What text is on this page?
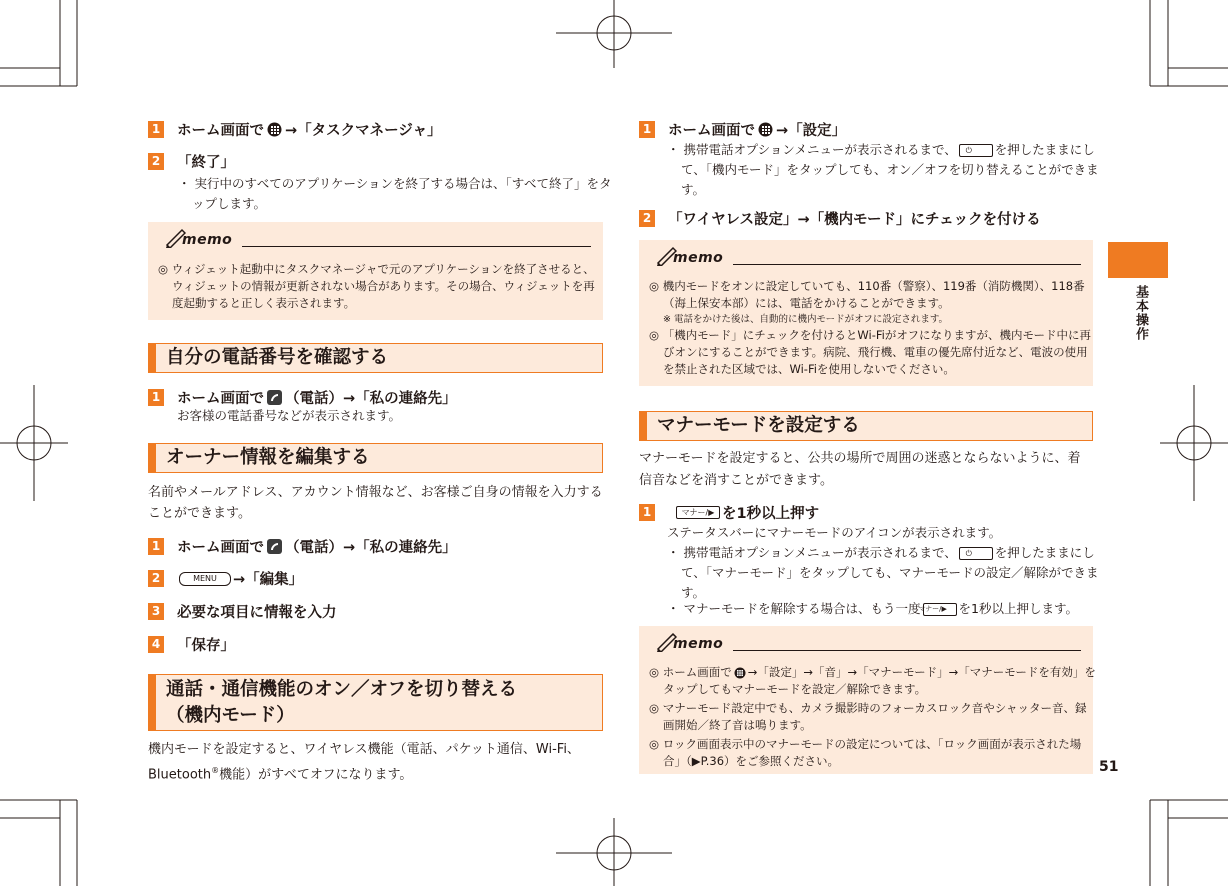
1 ホーム画面で →「タスクマネージャ」
2 「終了」
・ 実行中のすべてのアプリケーションを終了する場合は、「すべて終了」をタップします。
memo
◎ ウィジェット起動中にタスクマネージャで元のアプリケーションを終了させると、ウィジェットの情報が更新されない場合があります。その場合、ウィジェットを再度起動すると正しく表示されます。
自分の電話番号を確認する
1 ホーム画面で （電話）→「私の連絡先」
お客様の電話番号などが表示されます。
オーナー情報を編集する
名前やメールアドレス、アカウント情報など、お客様ご自身の情報を入力することができます。
1 ホーム画面で （電話）→「私の連絡先」
2	MENU	→「編集」
3 必要な項目に情報を入力
4 「保存」
通話・通信機能のオン／オフを切り替える
（機内モード）
機内モードを設定すると、ワイヤレス機能（電話、パケット通信、Wi-Fi、
Bluetooth®機能）がすべてオフになります。
1 ホーム画面で →「設定」
・ 携帯電話オプションメニューが表示されるまで、 ⏻ を押したままにして、「機内モード」をタップしても、オン／オフを切り替えることができます。
2 「ワイヤレス設定」→「機内モード」にチェックを付ける
memo
◎ 機内モードをオンに設定していても、110番（警察）、119番（消防機関）、118番（海上保安本部）には、電話をかけることができます。
※ 電話をかけた後は、自動的に機内モードがオフに設定されます。
◎ 「機内モード」にチェックを付けるとWi-Fiがオフになりますが、機内モード中に再びオンにすることができます。病院、飛行機、電車の優先席付近など、電波の使用を禁止された区域では、Wi-Fiを使用しないでください。
マナーモードを設定する
マナーモードを設定すると、公共の場所で周囲の迷惑とならないように、着信音などを消すことができます。
1	マナー/▶ を1秒以上押す
ステータスバーにマナーモードのアイコンが表示されます。
・ 携帯電話オプションメニューが表示されるまで、 ⏻ を押したままにして、「マナーモード」をタップしても、マナーモードの設定／解除ができます。
・ マナーモードを解除する場合は、もう一度マナー/▶ を1秒以上押します。
memo
◎ ホーム画面で →「設定」→「音」→「マナーモード」→「マナーモードを有効」をタップしてもマナーモードを設定／解除できます。
◎ マナーモード設定中でも、カメラ撮影時のフォーカスロック音やシャッター音、録画開始／終了音は鳴ります。
◎ ロック画面表示中のマナーモードの設定については、「ロック画面が表示された場合」（▶P.36）をご参照ください。
基本操作
51
